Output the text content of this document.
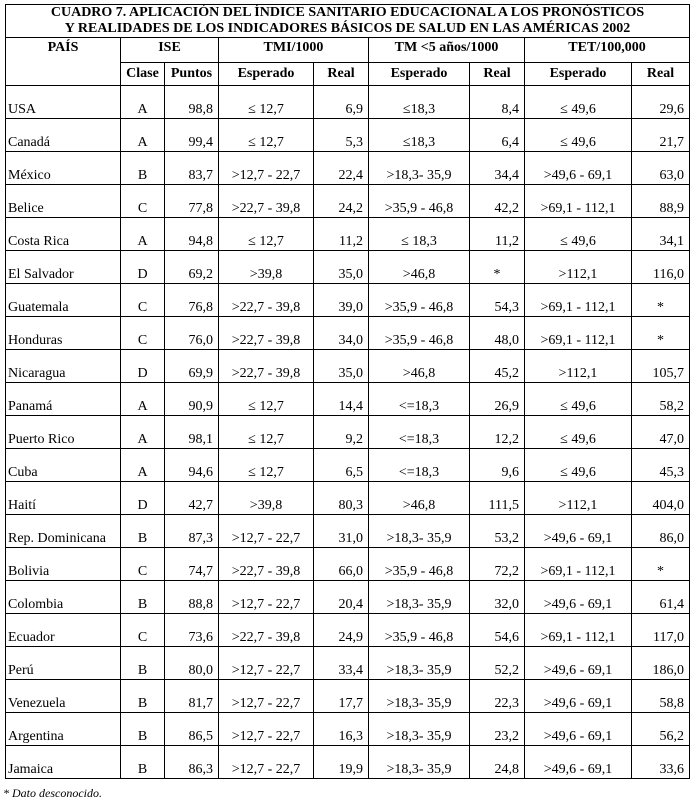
CUADRO 7. APLICACIÓN DEL ÍNDICE SANITARIO EDUCACIONAL A LOS PRONÓSTICOS
Y REALIDADES DE LOS INDICADORES BÁSICOS DE SALUD EN LAS AMÉRICAS 2002								

PAÍS	ISE		TMI/1000		TM <5 años/1000		TET/100,000	
	Clase	Puntos	Esperado	Real	Esperado	Real	Esperado	Real
USA	A	98,8	≤ 12,7	6,9	≤18,3	8,4	≤ 49,6	29,6
Canadá	A	99,4	≤ 12,7	5,3	≤18,3	6,4	≤ 49,6	21,7
México	B	83,7	>12,7 - 22,7	22,4	>18,3- 35,9	34,4	>49,6 - 69,1	63,0
Belice	C	77,8	>22,7 - 39,8	24,2	>35,9 - 46,8	42,2	>69,1 - 112,1	88,9
Costa Rica	A	94,8	≤ 12,7	11,2	≤ 18,3	11,2	≤ 49,6	34,1
El Salvador	D	69,2	>39,8	35,0	>46,8	*	>112,1	116,0
Guatemala	C	76,8	>22,7 - 39,8	39,0	>35,9 - 46,8	54,3	>69,1 - 112,1	*
Honduras	C	76,0	>22,7 - 39,8	34,0	>35,9 - 46,8	48,0	>69,1 - 112,1	*
Nicaragua	D	69,9	>22,7 - 39,8	35,0	>46,8	45,2	>112,1	105,7
Panamá	A	90,9	≤ 12,7	14,4	<=18,3	26,9	≤ 49,6	58,2
Puerto Rico	A	98,1	≤ 12,7	9,2	<=18,3	12,2	≤ 49,6	47,0
Cuba	A	94,6	≤ 12,7	6,5	<=18,3	9,6	≤ 49,6	45,3
Haití	D	42,7	>39,8	80,3	>46,8	111,5	>112,1	404,0
Rep. Dominicana	B	87,3	>12,7 - 22,7	31,0	>18,3- 35,9	53,2	>49,6 - 69,1	86,0
Bolivia	C	74,7	>22,7 - 39,8	66,0	>35,9 - 46,8	72,2	>69,1 - 112,1	*
Colombia	B	88,8	>12,7 - 22,7	20,4	>18,3- 35,9	32,0	>49,6 - 69,1	61,4
Ecuador	C	73,6	>22,7 - 39,8	24,9	>35,9 - 46,8	54,6	>69,1 - 112,1	117,0
Perú	B	80,0	>12,7 - 22,7	33,4	>18,3- 35,9	52,2	>49,6 - 69,1	186,0
Venezuela	B	81,7	>12,7 - 22,7	17,7	>18,3- 35,9	22,3	>49,6 - 69,1	58,8
Argentina	B	86,5	>12,7 - 22,7	16,3	>18,3- 35,9	23,2	>49,6 - 69,1	56,2
Jamaica	B	86,3	>12,7 - 22,7	19,9	>18,3- 35,9	24,8	>49,6 - 69,1	33,6
* Dato desconocido.
